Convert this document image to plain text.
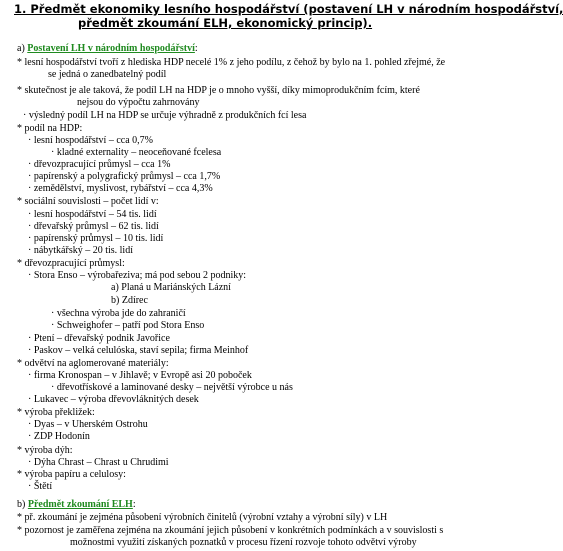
1. Předmět ekonomiky lesního hospodářství (postavení LH v národním hospodářství,
předmět zkoumání ELH, ekonomický princip).
a) Postavení LH v národním hospodářství:
* lesní hospodářství tvoří z hlediska HDP necelé 1% z jeho podílu, z čehož by bylo na 1. pohled zřejmé, že
se jedná o zanedbatelný podíl
* skutečnost je ale taková, že podíl LH na HDP je o mnoho vyšší, díky mimoprodukčním fcím, které
nejsou do výpočtu zahrnovány
· výsledný podíl LH na HDP se určuje výhradně z produkčních fcí lesa
* podíl na HDP:
· lesní hospodářství – cca 0,7%
· kladné externality – neoceňované fcelesa
· dřevozpracující průmysl – cca 1%
· papírenský a polygrafický průmysl – cca 1,7%
· zemědělství, myslivost, rybářství – cca 4,3%
* sociální souvislosti – počet lidí v:
· lesní hospodářství – 54 tis. lidí
· dřevařský průmysl – 62 tis. lidí
· papírenský průmysl – 10 tis. lidí
· nábytkářský – 20 tis. lidí
* dřevozpracující průmysl:
· Stora Enso – výrobařeziva; má pod sebou 2 podniky:
a) Planá u Mariánských Lázní
b) Zdírec
· všechna výroba jde do zahraničí
· Schweighofer – patří pod Stora Enso
· Ptení – dřevařský podnik Javořice
· Paskov – velká celulóska, staví sepila; firma Meinhof
* odvětví na aglomerované materiály:
· firma Kronospan – v Jihlavě; v Evropě asi 20 poboček
· dřevotřískové a laminované desky – největší výrobce u nás
· Lukavec – výroba dřevovláknitých desek
* výroba překližek:
· Dyas – v Uherském Ostrohu
· ZDP Hodonín
* výroba dýh:
· Dýha Chrast – Chrast u Chrudimi
* výroba papíru a celulosy:
· Štětí
b) Předmět zkoumání ELH:
* př. zkoumání je zejména působení výrobních činitelů (výrobní vztahy a výrobní síly) v LH
* pozornost je zaměřena zejména na zkoumání jejich působení v konkrétních podmínkách a v souvislosti s
možnostmi využití získaných poznatků v procesu řízení rozvoje tohoto odvětví výroby
